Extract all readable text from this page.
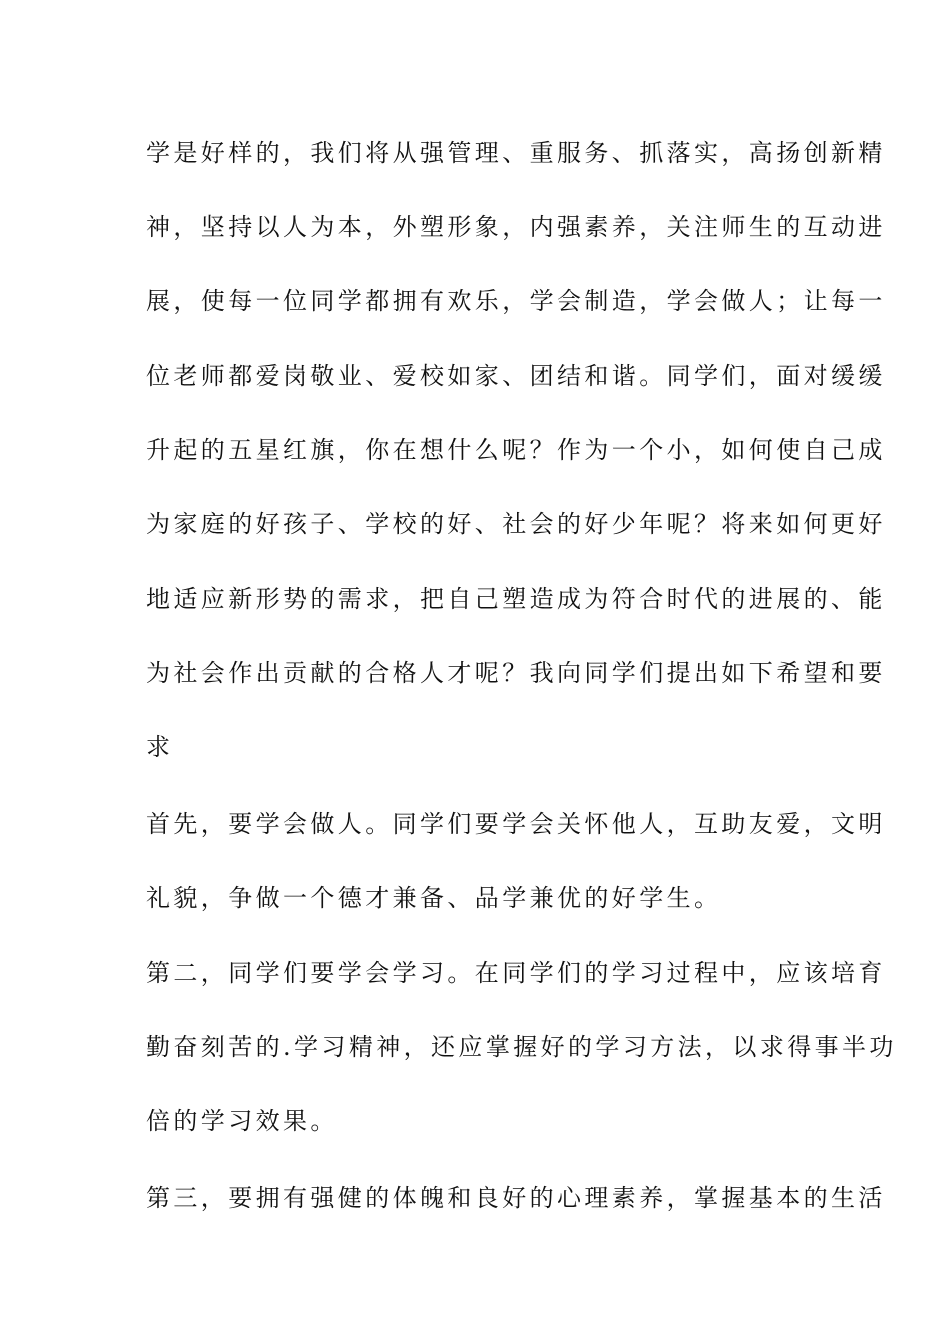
学是好样的，我们将从强管理、重服务、抓落实，高扬创新精
神，坚持以人为本，外塑形象，内强素养，关注师生的互动进
展，使每一位同学都拥有欢乐，学会制造，学会做人；让每一
位老师都爱岗敬业、爱校如家、团结和谐。同学们，面对缓缓
升起的五星红旗，你在想什么呢？作为一个小，如何使自己成
为家庭的好孩子、学校的好、社会的好少年呢？将来如何更好
地适应新形势的需求，把自己塑造成为符合时代的进展的、能
为社会作出贡献的合格人才呢？我向同学们提出如下希望和要
求
首先，要学会做人。同学们要学会关怀他人，互助友爱，文明
礼貌，争做一个德才兼备、品学兼优的好学生。
第二，同学们要学会学习。在同学们的学习过程中，应该培育
勤奋刻苦的.学习精神，还应掌握好的学习方法，以求得事半功
倍的学习效果。
第三，要拥有强健的体魄和良好的心理素养，掌握基本的生活
